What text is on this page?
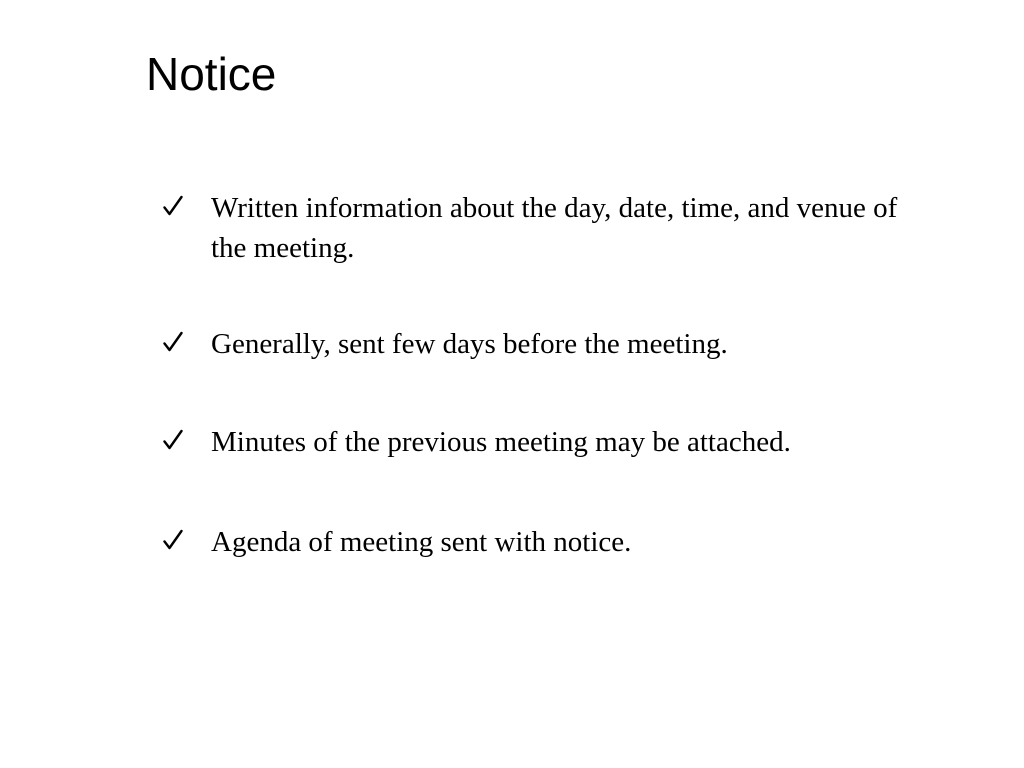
Notice
Written information about the day, date, time, and venue of the meeting.
Generally, sent few days before the meeting.
Minutes of the previous meeting may be attached.
Agenda of meeting sent with notice.
